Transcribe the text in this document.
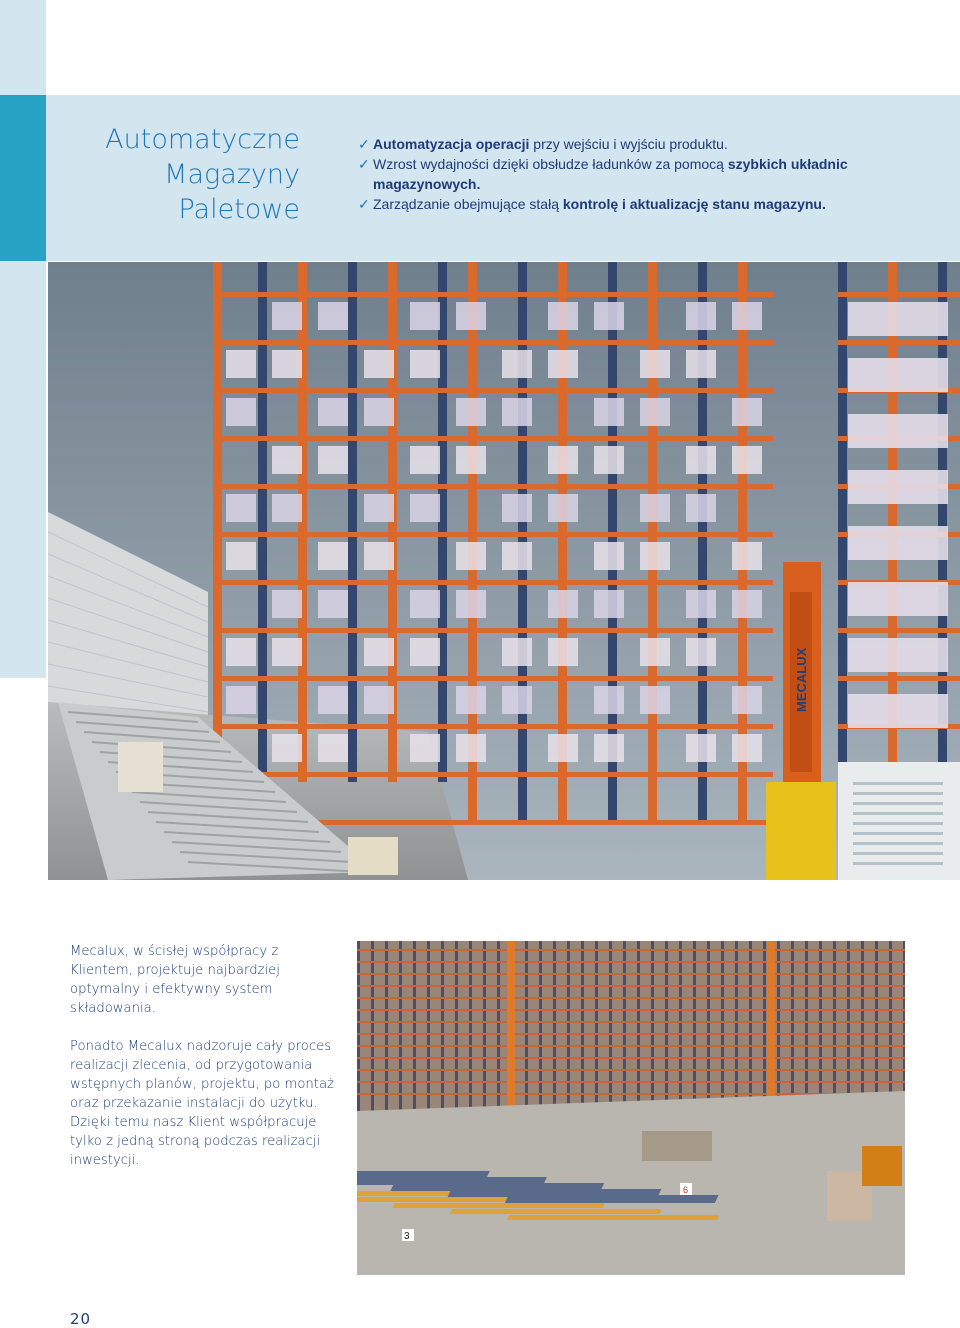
Automatyczne
Magazyny
Paletowe
✓ Automatyzacja operacji przy wejściu i wyjściu produktu.
✓ Wzrost wydajności dzięki obsłudze ładunków za pomocą szybkich układnic magazynowych.
✓ Zarządzanie obejmujące stałą kontrolę i aktualizację stanu magazynu.
MECALUX

Mecalux, w ścisłej współpracy z Klientem, projektuje najbardziej optymalny i efektywny system składowania.

Ponadto Mecalux nadzoruje cały proces realizacji zlecenia, od przygotowania wstępnych planów, projektu, po montaż oraz przekazanie instalacji do użytku. Dzięki temu nasz Klient współpracuje tylko z jedną stroną podczas realizacji inwestycji.

3
6
20
